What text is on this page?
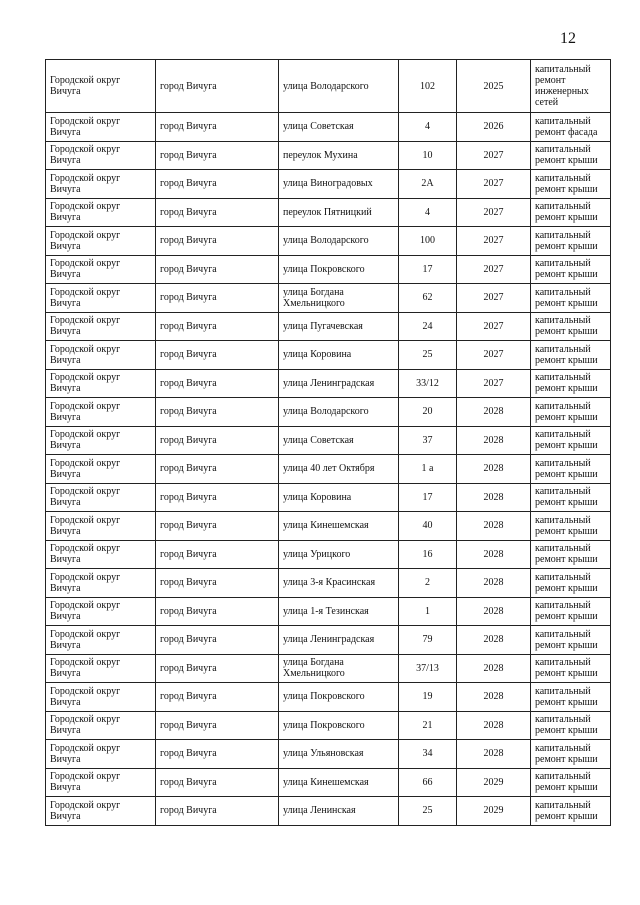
12
Городской округ Вичуга	город Вичуга	улица Володарского	102	2025	капитальный ремонт инженерных сетей
Городской округ Вичуга	город Вичуга	улица Советская	4	2026	капитальный ремонт фасада
Городской округ Вичуга	город Вичуга	переулок Мухина	10	2027	капитальный ремонт крыши
Городской округ Вичуга	город Вичуга	улица Виноградовых	2А	2027	капитальный ремонт крыши
Городской округ Вичуга	город Вичуга	переулок Пятницкий	4	2027	капитальный ремонт крыши
Городской округ Вичуга	город Вичуга	улица Володарского	100	2027	капитальный ремонт крыши
Городской округ Вичуга	город Вичуга	улица Покровского	17	2027	капитальный ремонт крыши
Городской округ Вичуга	город Вичуга	улица Богдана Хмельницкого	62	2027	капитальный ремонт крыши
Городской округ Вичуга	город Вичуга	улица Пугачевская	24	2027	капитальный ремонт крыши
Городской округ Вичуга	город Вичуга	улица Коровина	25	2027	капитальный ремонт крыши
Городской округ Вичуга	город Вичуга	улица Ленинградская	33/12	2027	капитальный ремонт крыши
Городской округ Вичуга	город Вичуга	улица Володарского	20	2028	капитальный ремонт крыши
Городской округ Вичуга	город Вичуга	улица Советская	37	2028	капитальный ремонт крыши
Городской округ Вичуга	город Вичуга	улица 40 лет Октября	1 а	2028	капитальный ремонт крыши
Городской округ Вичуга	город Вичуга	улица Коровина	17	2028	капитальный ремонт крыши
Городской округ Вичуга	город Вичуга	улица Кинешемская	40	2028	капитальный ремонт крыши
Городской округ Вичуга	город Вичуга	улица Урицкого	16	2028	капитальный ремонт крыши
Городской округ Вичуга	город Вичуга	улица 3-я Красинская	2	2028	капитальный ремонт крыши
Городской округ Вичуга	город Вичуга	улица 1-я Тезинская	1	2028	капитальный ремонт крыши
Городской округ Вичуга	город Вичуга	улица Ленинградская	79	2028	капитальный ремонт крыши
Городской округ Вичуга	город Вичуга	улица Богдана Хмельницкого	37/13	2028	капитальный ремонт крыши
Городской округ Вичуга	город Вичуга	улица Покровского	19	2028	капитальный ремонт крыши
Городской округ Вичуга	город Вичуга	улица Покровского	21	2028	капитальный ремонт крыши
Городской округ Вичуга	город Вичуга	улица Ульяновская	34	2028	капитальный ремонт крыши
Городской округ Вичуга	город Вичуга	улица Кинешемская	66	2029	капитальный ремонт крыши
Городской округ Вичуга	город Вичуга	улица Ленинская	25	2029	капитальный ремонт крыши
